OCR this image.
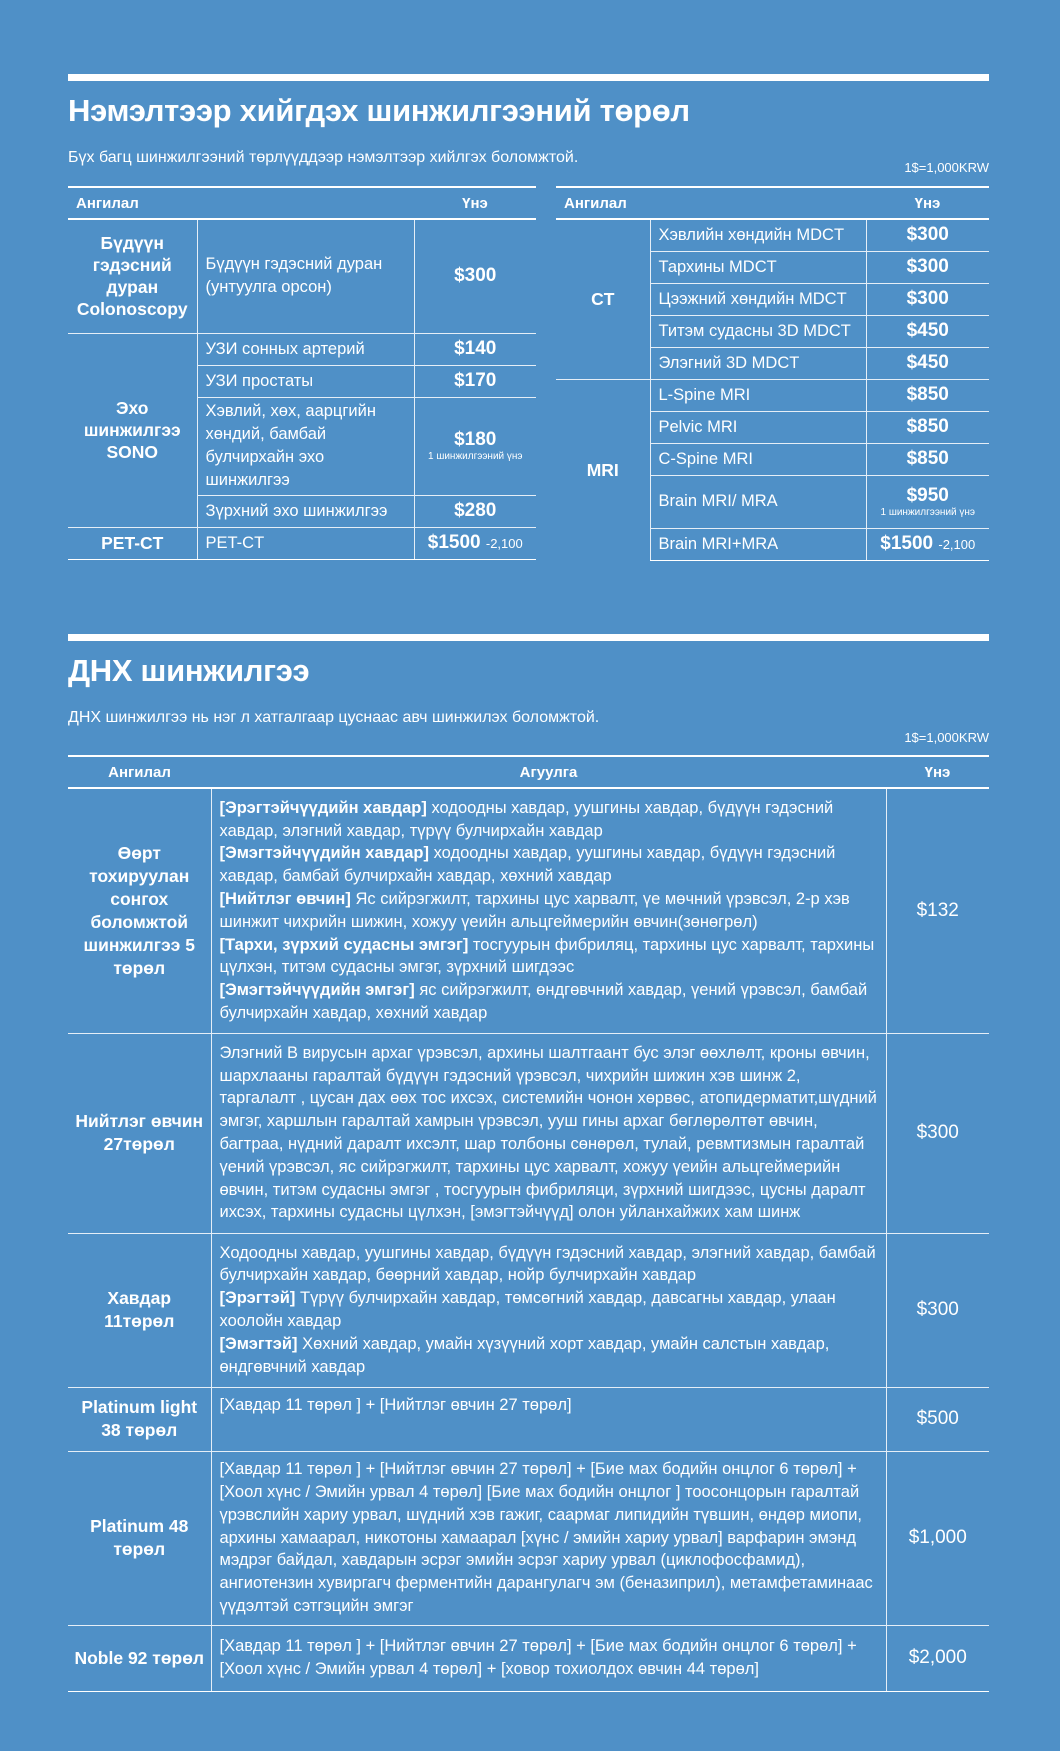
Нэмэлтээр хийгдэх шинжилгээний төрөл
Бүх багц шинжилгээний төрлүүддээр нэмэлтээр хийлгэх боломжтой.
1$=1,000KRW
Ангилал		Үнэ
Бүдүүн гэдэсний дуран Colonoscopy	Бүдүүн гэдэсний дуран (унтуулга орсон)	$300
Эхо шинжилгээ SONO	УЗИ сонных артерий	$140
	УЗИ простаты	$170
	Хэвлий, хөх, аарцгийн хөндий, бамбай булчирхайн эхо шинжилгээ	$180
1 шинжилгээний үнэ

	Зүрхний эхо шинжилгээ	$280
PET-CT	PET-CT	$1500 -2,100
Ангилал		Үнэ
CT	Хэвлийн хөндийн MDCT	$300
	Тархины MDCT	$300
	Цээжний хөндийн MDCT	$300
	Титэм судасны 3D MDCT	$450
	Элэгний 3D MDCT	$450
MRI	L-Spine MRI	$850
	Pelvic MRI	$850
	C-Spine MRI	$850
	Brain MRI/ MRA	$950
1 шинжилгээний үнэ

	Brain MRI+MRA	$1500 -2,100
ДНХ шинжилгээ
ДНХ шинжилгээ нь нэг л хатгалгаар цуснаас авч шинжилэх боломжтой.
1$=1,000KRW
Ангилал	Агуулга	Үнэ
Өөрт тохируулан сонгох боломжтой шинжилгээ 5 төрөл	[Эрэгтэйчүүдийн хавдар] ходоодны хавдар, уушгины хавдар, бүдүүн гэдэсний хавдар, элэгний хавдар, түрүү булчирхайн хавдар
[Эмэгтэйчүүдийн хавдар] ходоодны хавдар, уушгины хавдар, бүдүүн гэдэсний хавдар, бамбай булчирхайн хавдар, хөхний хавдар
[Нийтлэг өвчин] Яс сийрэгжилт, тархины цус харвалт, үе мөчний үрэвсэл, 2-р хэв шинжит чихрийн шижин, хожуу үеийн альцгеймерийн өвчин(зөнөгрөл)
[Тархи, зүрхий судасны эмгэг] тосгуурын фибриляц, тархины цус харвалт, тархины цүлхэн, титэм судасны эмгэг, зүрхний шигдээс
[Эмэгтэйчүүдийн эмгэг] яс сийрэгжилт, өндгөвчний хавдар, үений үрэвсэл, бамбай булчирхайн хавдар, хөхний хавдар	$132
Нийтлэг өвчин 27төрөл	Элэгний B вирусын архаг үрэвсэл, архины шалтгаант бус элэг өөхлөлт, кроны өвчин, шархлааны гаралтай бүдүүн гэдэсний үрэвсэл, чихрийн шижин хэв шинж 2, таргалалт , цусан дах өөх тос ихсэх, системийн чонон хөрвөс, атопидерматит,шүдний эмгэг, харшлын гаралтай хамрын үрэвсэл, ууш гины архаг бөглөрөлтөт өвчин, багтраа, нүдний даралт ихсэлт, шар толбоны сөнөрөл, тулай, ревмтизмын гаралтай үений үрэвсэл, яс сийрэгжилт, тархины цус харвалт, хожуу үеийн альцгеймерийн өвчин, титэм судасны эмгэг , тосгуурын фибриляци, зүрхний шигдээс, цусны даралт ихсэх, тархины судасны цүлхэн, [эмэгтэйчүүд] олон уйланхайжих хам шинж	$300
Хавдар 11төрөл	Ходоодны хавдар, уушгины хавдар, бүдүүн гэдэсний хавдар, элэгний хавдар, бамбай булчирхайн хавдар, бөөрний хавдар, нойр булчирхайн хавдар
[Эрэгтэй] Түрүү булчирхайн хавдар, төмсөгний хавдар, давсагны хавдар, улаан хоолойн хавдар
[Эмэгтэй] Хөхний хавдар, умайн хүзүүний хорт хавдар, умайн салстын хавдар, өндгөвчний хавдар	$300
Platinum light 38 төрөл	[Хавдар 11 төрөл ] + [Нийтлэг өвчин 27 төрөл]	$500
Platinum 48 төрөл	[Хавдар 11 төрөл ] + [Нийтлэг өвчин 27 төрөл] + [Бие мах бодийн онцлог 6 төрөл] + [Хоол хүнс / Эмийн урвал 4 төрөл] [Бие мах бодийн онцлог ] тоосонцорын гаралтай үрэвслийн хариу урвал, шүдний хэв гажиг, саармаг липидийн түвшин, өндөр миопи, архины хамаарал, никотоны хамаарал [хүнс / эмийн хариу урвал] варфарин эмэнд мэдрэг байдал, хавдарын эсрэг эмийн эсрэг хариу урвал (циклофосфамид), ангиотензин хувиргагч ферментийн дарангулагч эм (беназиприл), метамфетаминаас үүдэлтэй сэтгэцийн эмгэг	$1,000
Noble 92 төрөл	[Хавдар 11 төрөл ] + [Нийтлэг өвчин 27 төрөл] + [Бие мах бодийн онцлог 6 төрөл] + [Хоол хүнс / Эмийн урвал 4 төрөл] + [ховор тохиолдох өвчин 44 төрөл]	$2,000
